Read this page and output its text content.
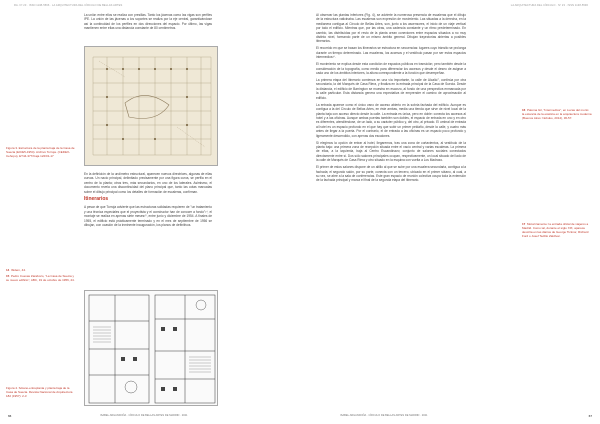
RA. Nº 23 · ISSN 1138-5596 · LA ARQUITECTURA DEL CÍRCULO DE BELLAS ARTES

La unión entre ellos se realiza con presillas. Tanto los jácenas como las vigas son perfiles IPE. La unión de las jácenas a los soportes se realiza por la eje central, garantizándose así la continuidad de los perfiles en dos direcciones del espacio. Por último, las vigas mantienen entre ellas una distancia constante de 80 centímetros.

Figura 3. Estructura de la planta baja de la Casa de Suecia (EO/E5-1954). Archivo Torroja. (CEDEX-Cehopu), ET44-377/Caja 122/01-17

En la definición de la undímetro estructural, aparecen nuevos directrices, algunas de ellas curvas. Un nacio principal, delimitado precisamente por una figura curva, se perfila en el centro de la planta; otros tres, más secundarios, en uno de los laterales. Asimismo, el documento revela una discontinuidad del plano principal que, tanto las cotas marcadas sobre el dibujo principal como los detalles de formación de escaleras, confirman.

Itinerarios

A pesar de que Torroja advierte que las estructuras solidadas requieren de "un tratamiento y una técnica especiales que el proyectista y el constructor han de conocer a fondo"¹⁴, el montaje se realiza en apenas siete meses¹⁵, entre junio y diciembre de 1954. A finales de 1955, el edificio está prácticamente terminado y en el mes de septiembre de 1956 se dibujan, con ocasión de la inminente inauguración, los planos de definitivos.

14 Ibidem, 44.
15 Pedro Cuevas Zarabozo, "La Casa de Suecia y su nuevo edificio", ABC, 19 de octubre de 1956, 24.
Figura 4. Sótano-entreplanta y planta baja de la Casa de Suecia. Revista Nacional de Arquitectura 182 (1957): 2-3
66	ISABEL ARGANDOÑA · CÍRCULO DE BELLAS ARTES DE MADRID · 2021
LA ARQUITECTURA DEL CÍRCULO · Nº 23 · ISSN 1138-5596

Al observar las plantas inferiores (Fig. 4), se advierte la numerosa presencia de escaleras que el dibujo de la estructura vaticinaba. Las escaleras son expresión de movimiento. Las situadas a la derecha, en la medianera contigua al Círculo de Bellas Artes, son, junto a los ascensores, el inicio de un viaje vertical por todo el edificio. Mientras que, por las otras, una cadencia constante y un ritmo predeterminado. En cambio, las distribuidas por el resto de la planta crean conexiones entre espacios situados a no muy distinto nivel, formando parte de un mismo ámbito general. Dibujan trayectorias abiertas a posibles itinerarios.

El recorrido en que se basan los itinerarios se estructura en secuencias: lugares cuyo tránsito se prolonga durante un tiempo determinado. Las escaleras, los accesos y el vestíbulo pasan por ser estos espacios intermedios¹⁶.

El movimiento se explica desde esta condición de espacios públicos en transición; pero también desde la consideración de la topografía, como medio para diferenciar los accesos y desde el deseo de asignar a cada uno de los ámbitos interiores, la altura correspondiente a la función que desempeñan.

La primera etapa del itinerario comienza en una vía importante, la calle de Alcalá¹⁷, continúa por otra secundaria, la del Marqués de Casa Riera, y finaliza en la entrada principal de la Casa de Suecia. Desde la distancia, el edificio de Barrington se muestra en escorzo, al fondo de una perspectiva enmarcada por la calle particular. Esta distancia genera una expectativa de emprender el camino de aproximación al edificio.

La entrada aparece como el único vano de acceso abierto en la sobria fachada del edificio. Aunque es contigua a la del Círculo de Bellas Artes, en éste ambas, media una tienda que sirve de nivel local de la planta baja con acceso directo desde la calle. La entrada es única, pero en doble: conecta los accesos al hotel y a las oficinas. Aunque ambas puertas también son dobles, el espacio de entrada en uno y en otro es diferentes, atendiéndose, de un lado, a su carácter público y, del otro, al privado. El umbral de entrada al hotel es un espacio profundo en el que hay que subir un primer peldaño, desde la calle, y cuatro más antes de llegar a la puerta. Por el contrario, el de entrada a las oficinas es un espacio poco profundo y ligeramente descendido, con apenas dos escalones.

Si elegimos la opción de entrar al hotel, llegaremos, tras una zona de cortavientos, al vestíbulo de la planta baja: una primera zona de recepción situada entre el vacío central y varias escaleras. La primera de ellas, a la izquierda, baja al Centro Escandinavo; conjunto de salones sociales conectados directamente entre sí. Dos sólo salones principales ocupan, respectivamente, un local situado del lado de la calle de Marqués de Casa Riera y otro situado en la esquina con vuelta a Los Madrazo.

El primer de estos salones dispone de un altillo al que se sube por una escalera secundaria, contigua a la fachada; el segundo salón, por su parte, conecta con un tercero, ubicado en el primer sótano, al cual, a su vez, se abre a la sala de conferencias. Este gran espacio de reunión colectiva ocupa toda la extensión de la fachada principal y marca el final de la segunda etapa del itinerario.

16 Paloma Gil, "Intermedios", en Lucas del morto: la estancia de la estética en la arquitectura moderna (Buenos Aires: Nobuko, 2014), 36-57.
17 Motorizamente: la entrada oficial de viajeros a Madrid. Como tal, durante el siglo XIX, aparece descrita en las diarios de George Ticknor, Richard Ford o Josef Teófilo Zaldívar.
ISABEL ARGANDOÑA · CÍRCULO DE BELLAS ARTES DE MADRID · 2021	67
